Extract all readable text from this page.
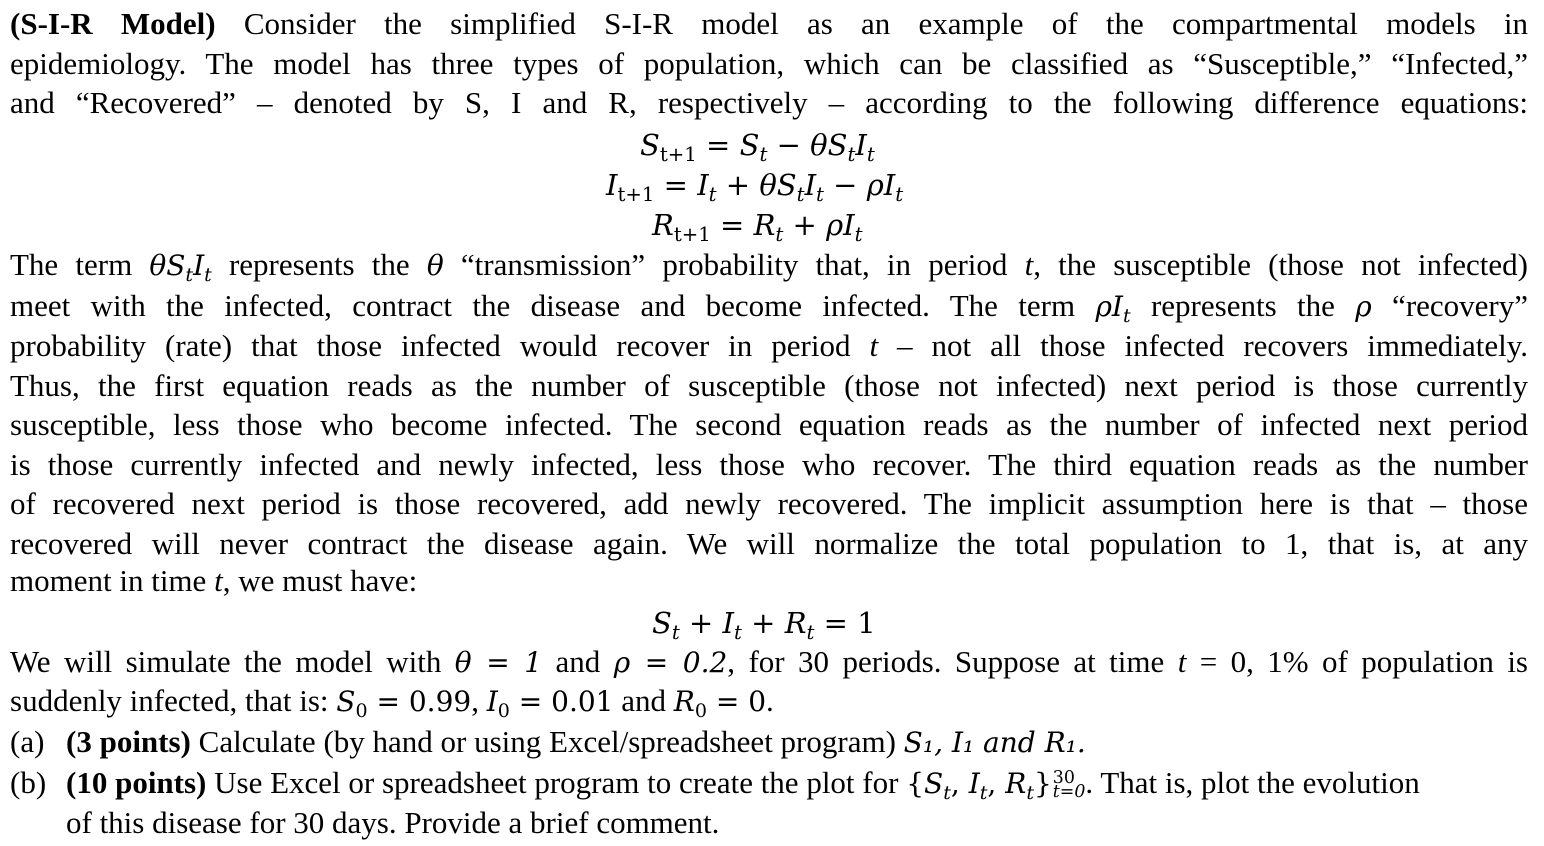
(S-I-R Model) Consider the simplified S-I-R model as an example of the compartmental models in
epidemiology. The model has three types of population, which can be classified as “Susceptible,” “Infected,”
and “Recovered” – denoted by S, I and R, respectively – according to the following difference equations:

$S_{t+1} = S_t - \theta S_tI_t$
$I_{t+1} = I_t + \theta S_tI_t - \rho I_t$
$R_{t+1} = R_t + \rho I_t$

The term $\theta S_tI_t$ represents the θ “transmission” probability that, in period t, the susceptible (those not infected)
meet with the infected, contract the disease and become infected. The term $\rho I_t$ represents the ρ “recovery”
probability (rate) that those infected would recover in period t – not all those infected recovers immediately.
Thus, the first equation reads as the number of susceptible (those not infected) next period is those currently
susceptible, less those who become infected. The second equation reads as the number of infected next period
is those currently infected and newly infected, less those who recover. The third equation reads as the number
of recovered next period is those recovered, add newly recovered. The implicit assumption here is that – those
recovered will never contract the disease again. We will normalize the total population to 1, that is, at any

moment in time t, we must have:
$S_t + I_t + R_t = 1$

We will simulate the model with θ = 1 and ρ = 0.2, for 30 periods. Suppose at time t = 0, 1% of population is

suddenly infected, that is: $S_0 = 0.99$, $I_0 = 0.01$ and $R_0 = 0$.
(a) (3 points) Calculate (by hand or using Excel/spreadsheet program) S₁, I₁ and R₁.
(b) (10 points) Use Excel or spreadsheet program to create the plot for {$S_t$, $I_t$, $R_t$} 30
t=0 . That is, plot the evolution
of this disease for 30 days. Provide a brief comment.
